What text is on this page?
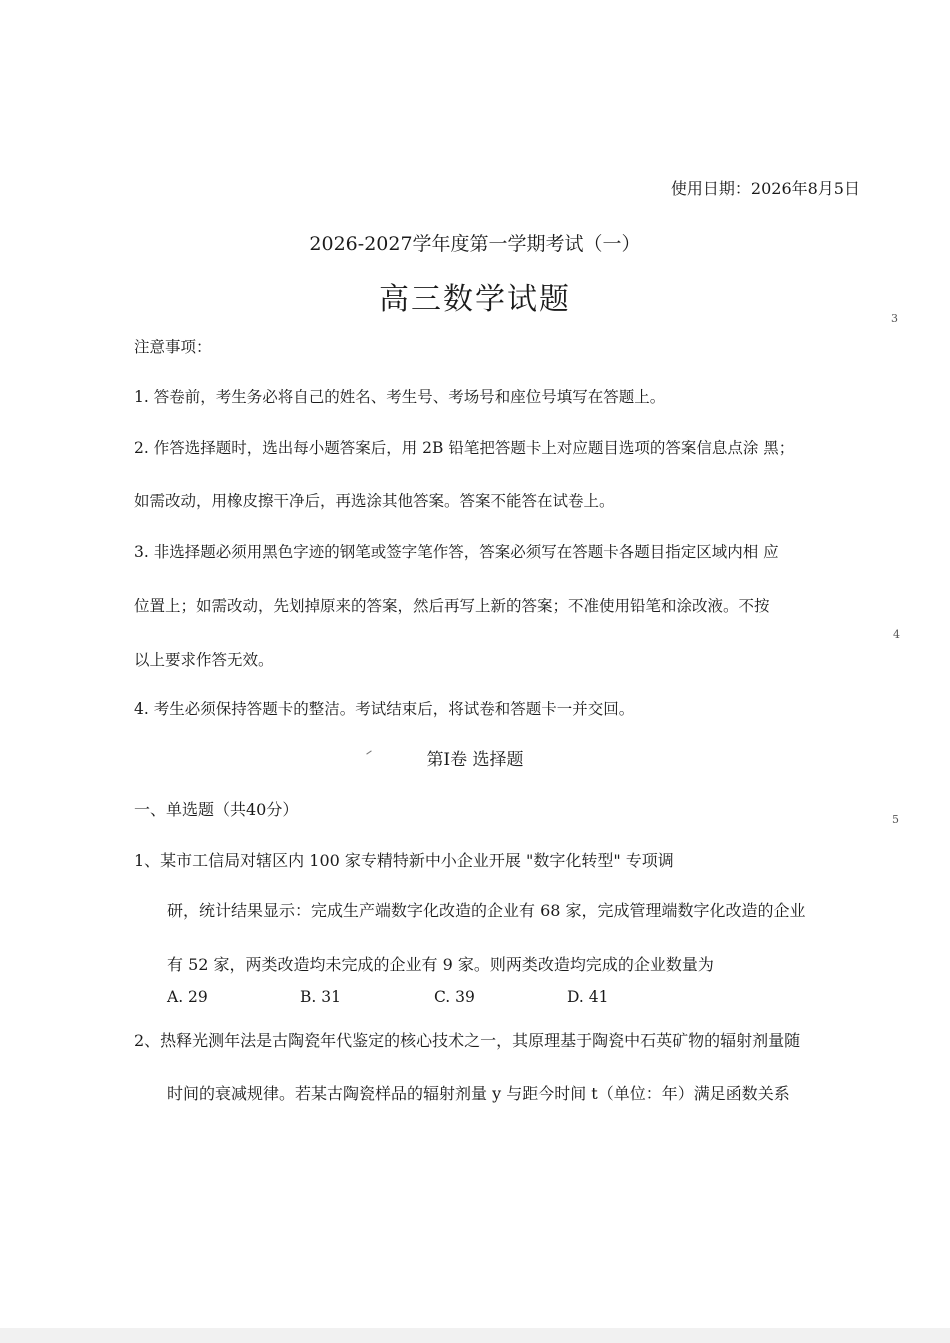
使用日期：2026年8月5日
2026-2027学年度第一学期考试（一）
高三数学试题
注意事项：
1. 答卷前，考生务必将自己的姓名、考生号、考场号和座位号填写在答题上。
2. 作答选择题时，选出每小题答案后，用 2B 铅笔把答题卡上对应题目选项的答案信息点涂 黑；
如需改动，用橡皮擦干净后，再选涂其他答案。答案不能答在试卷上。
3. 非选择题必须用黑色字迹的钢笔或签字笔作答，答案必须写在答题卡各题目指定区域内相 应
位置上；如需改动，先划掉原来的答案，然后再写上新的答案；不准使用铅笔和涂改液。不按
以上要求作答无效。
4. 考生必须保持答题卡的整洁。考试结束后，将试卷和答题卡一并交回。
第Ⅰ卷 选择题
一、单选题（共40分）
1、某市工信局对辖区内 100 家专精特新中小企业开展 "数字化转型" 专项调
研，统计结果显示：完成生产端数字化改造的企业有 68 家，完成管理端数字化改造的企业
有 52 家，两类改造均未完成的企业有 9 家。则两类改造均完成的企业数量为
A. 29	B. 31	C. 39	D. 41
2、热释光测年法是古陶瓷年代鉴定的核心技术之一，其原理基于陶瓷中石英矿物的辐射剂量随
时间的衰减规律。若某古陶瓷样品的辐射剂量 y 与距今时间 t（单位：年）满足函数关系
3
4
5
